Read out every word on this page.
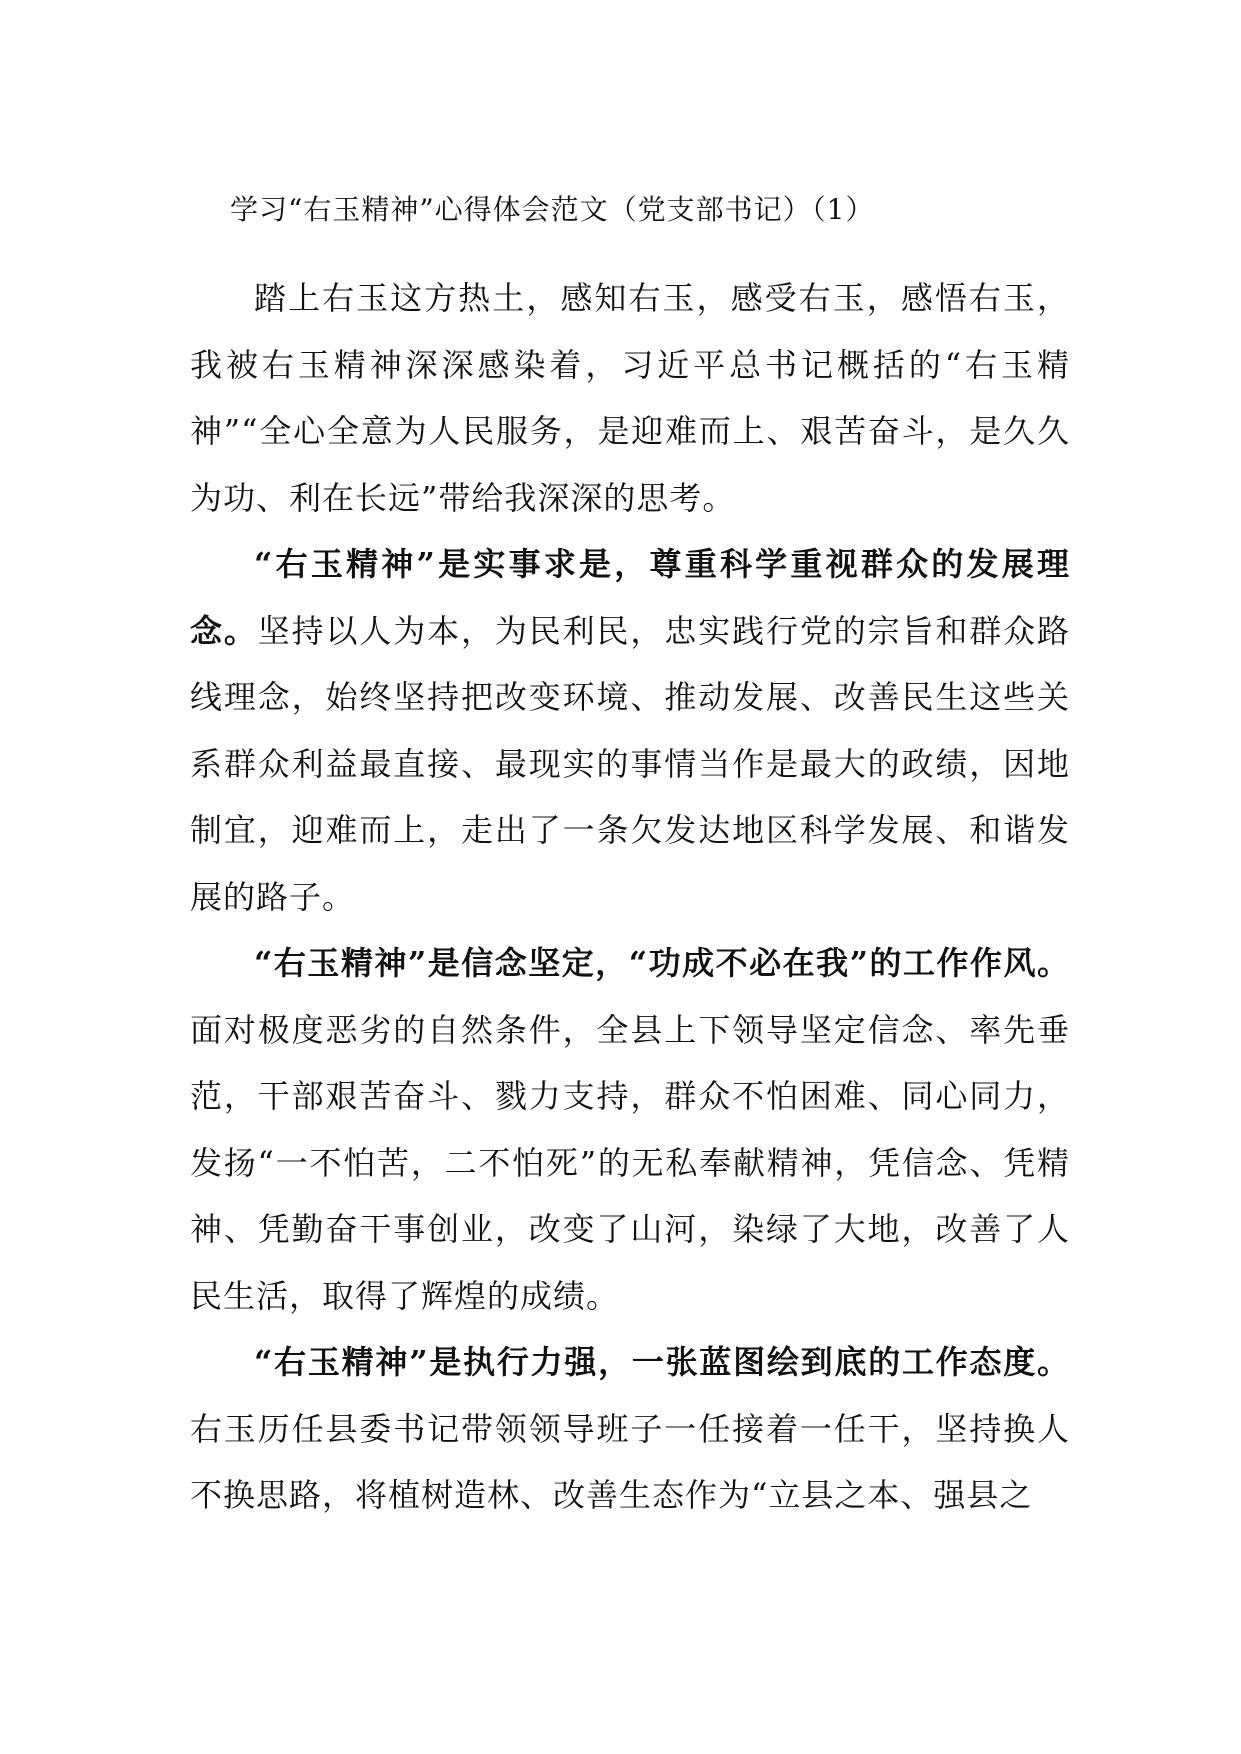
学习“右玉精神”心得体会范文（党支部书记）（1）

踏上右玉这方热土，感知右玉，感受右玉，感悟右玉，我被右玉精神深深感染着，习近平总书记概括的“右玉精神”“全心全意为人民服务，是迎难而上、艰苦奋斗，是久久为功、利在长远”带给我深深的思考。

“右玉精神”是实事求是，尊重科学重视群众的发展理念。坚持以人为本，为民利民，忠实践行党的宗旨和群众路线理念，始终坚持把改变环境、推动发展、改善民生这些关系群众利益最直接、最现实的事情当作是最大的政绩，因地制宜，迎难而上，走出了一条欠发达地区科学发展、和谐发展的路子。

“右玉精神”是信念坚定，“功成不必在我”的工作作风。面对极度恶劣的自然条件，全县上下领导坚定信念、率先垂范，干部艰苦奋斗、戮力支持，群众不怕困难、同心同力，发扬“一不怕苦，二不怕死”的无私奉献精神，凭信念、凭精神、凭勤奋干事创业，改变了山河，染绿了大地，改善了人民生活，取得了辉煌的成绩。

“右玉精神”是执行力强，一张蓝图绘到底的工作态度。右玉历任县委书记带领领导班子一任接着一任干，坚持换人不换思路，将植树造林、改善生态作为“立县之本、强县之
